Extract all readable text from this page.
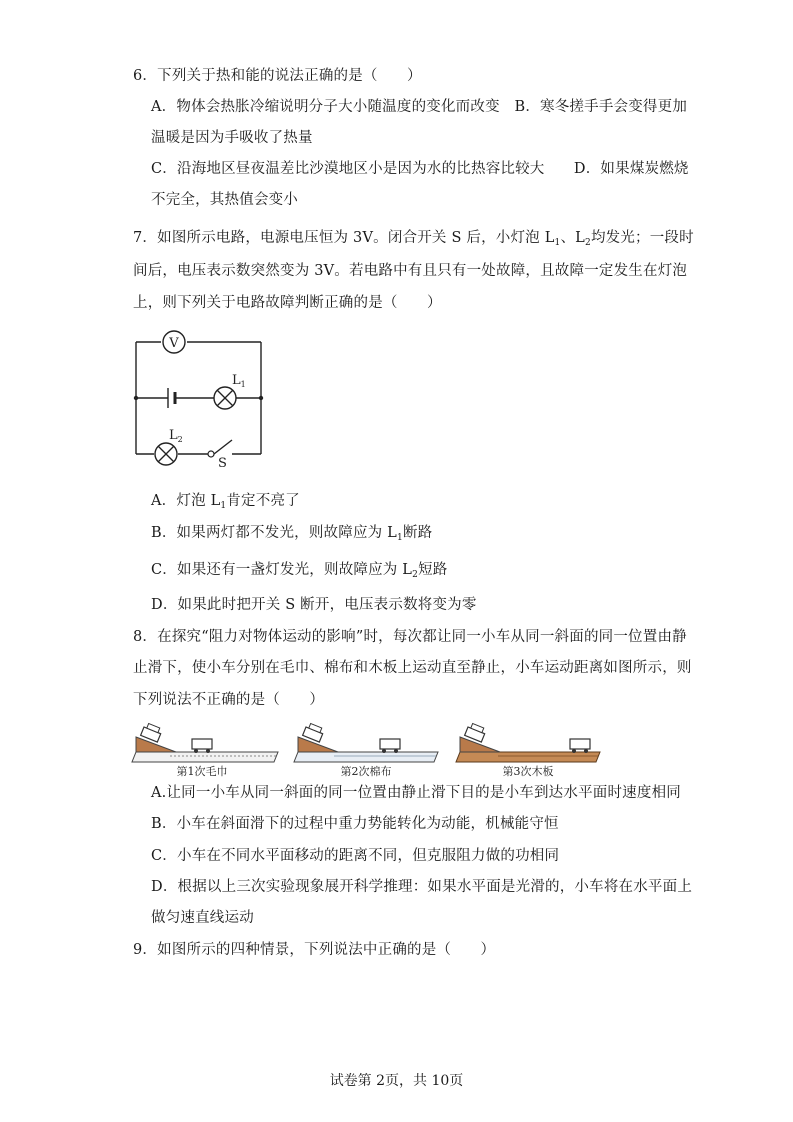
6．下列关于热和能的说法正确的是（　　）
A．物体会热胀冷缩说明分子大小随温度的变化而改变　B．寒冬搓手手会变得更加
温暖是因为手吸收了热量
C．沿海地区昼夜温差比沙漠地区小是因为水的比热容比较大　　D．如果煤炭燃烧
不完全，其热值会变小
7．如图所示电路，电源电压恒为 3V。闭合开关 S 后，小灯泡 $L_1$、$L_2$均发光；一段时
间后，电压表示数突然变为 3V。若电路中有且只有一处故障，且故障一定发生在灯泡
上，则下列关于电路故障判断正确的是（　　）
V
$L_1$
$L_2$
S
A．灯泡 $L_1$肯定不亮了
B．如果两灯都不发光，则故障应为 $L_1$断路
C．如果还有一盏灯发光，则故障应为 $L_2$短路
D．如果此时把开关 S 断开，电压表示数将变为零
8．在探究“阻力对物体运动的影响”时，每次都让同一小车从同一斜面的同一位置由静
止滑下，使小车分别在毛巾、棉布和木板上运动直至静止，小车运动距离如图所示，则
下列说法不正确的是（　　）
第1次毛巾	第2次棉布	第3次木板
A.让同一小车从同一斜面的同一位置由静止滑下目的是小车到达水平面时速度相同
B．小车在斜面滑下的过程中重力势能转化为动能，机械能守恒
C．小车在不同水平面移动的距离不同，但克服阻力做的功相同
D．根据以上三次实验现象展开科学推理：如果水平面是光滑的，小车将在水平面上
做匀速直线运动
9．如图所示的四种情景，下列说法中正确的是（　　）
试卷第 2页，共 10页
